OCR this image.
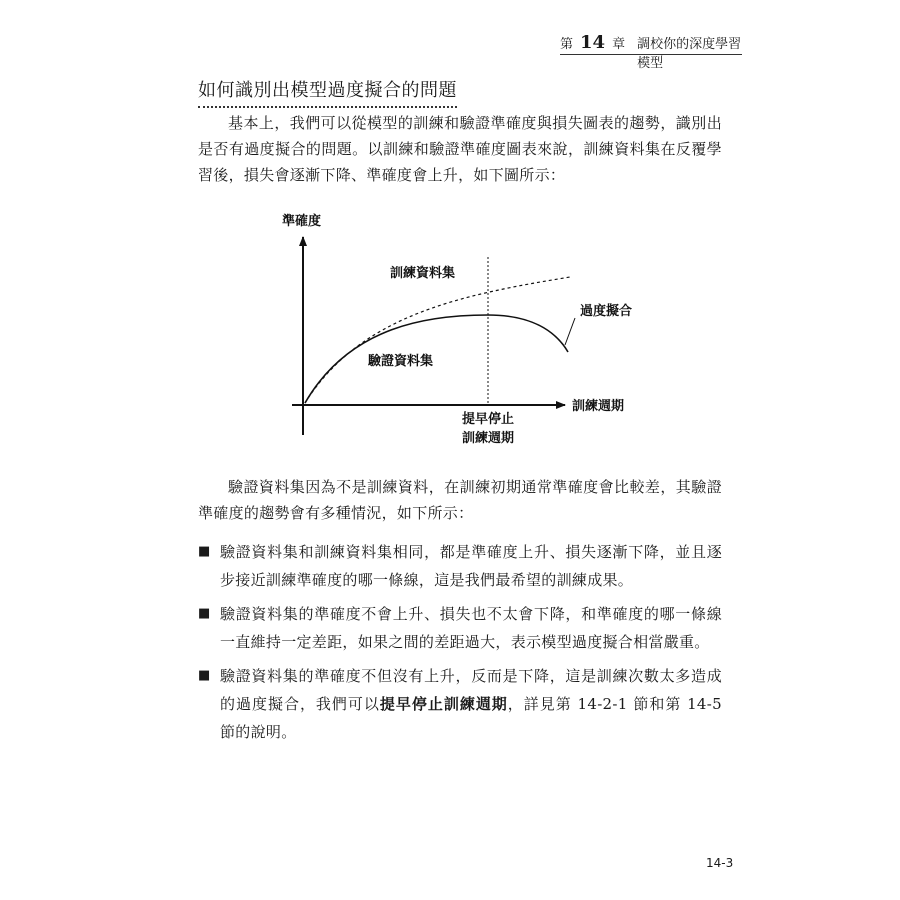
第 14 章 調校你的深度學習模型
如何識別出模型過度擬合的問題

基本上，我們可以從模型的訓練和驗證準確度與損失圖表的趨勢，識別出是否有過度擬合的問題。以訓練和驗證準確度圖表來說，訓練資料集在反覆學習後，損失會逐漸下降、準確度會上升，如下圖所示：

準確度
訓練資料集
過度擬合
驗證資料集
訓練週期
提早停止
訓練週期

驗證資料集因為不是訓練資料，在訓練初期通常準確度會比較差，其驗證準確度的趨勢會有多種情況，如下所示：

■ 驗證資料集和訓練資料集相同，都是準確度上升、損失逐漸下降，並且逐步接近訓練準確度的哪一條線，這是我們最希望的訓練成果。
■ 驗證資料集的準確度不會上升、損失也不太會下降，和準確度的哪一條線一直維持一定差距，如果之間的差距過大，表示模型過度擬合相當嚴重。
■ 驗證資料集的準確度不但沒有上升，反而是下降，這是訓練次數太多造成的過度擬合，我們可以提早停止訓練週期，詳見第 14-2-1 節和第 14-5 節的說明。
14-3
